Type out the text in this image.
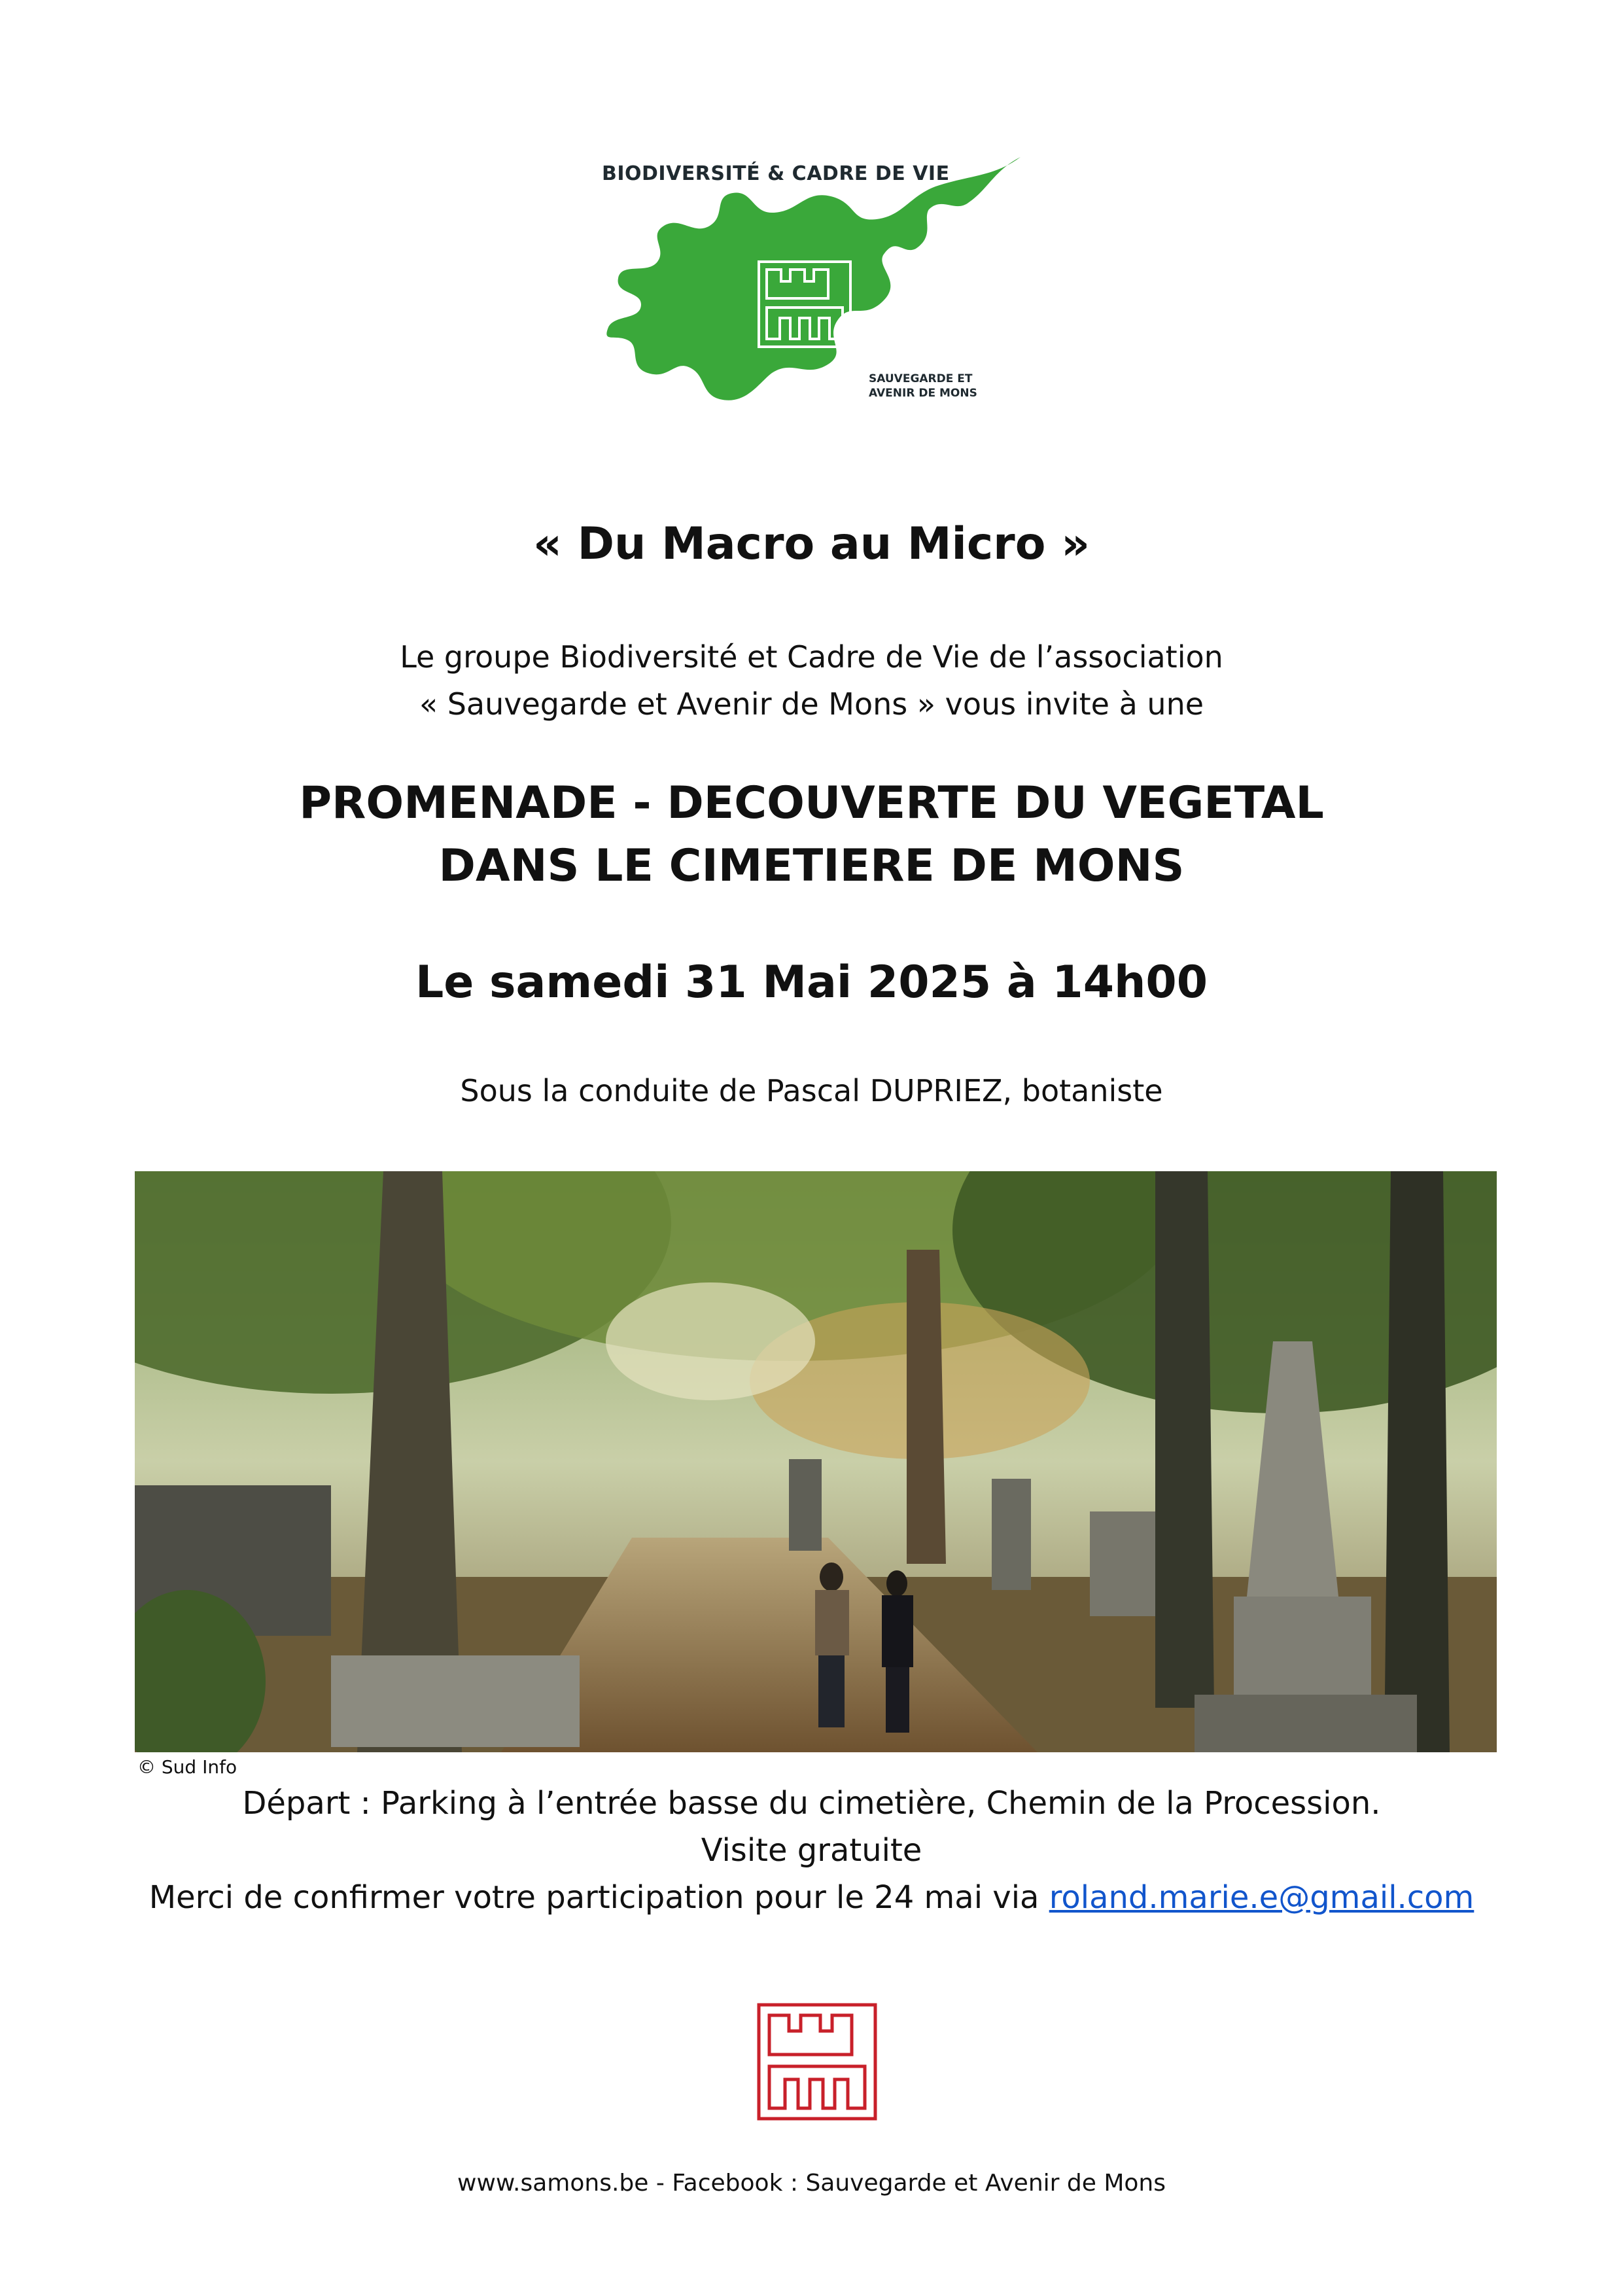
BIODIVERSITÉ & CADRE DE VIE
SAUVEGARDE ET
AVENIR DE MONS
« Du Macro au Micro »
Le groupe Biodiversité et Cadre de Vie de l’association
« Sauvegarde et Avenir de Mons » vous invite à une
PROMENADE - DECOUVERTE DU VEGETAL
DANS LE CIMETIERE DE MONS
Le samedi 31 Mai 2025 à 14h00
Sous la conduite de Pascal DUPRIEZ, botaniste
© Sud Info
Départ : Parking à l’entrée basse du cimetière, Chemin de la Procession.
Visite gratuite
Merci de confirmer votre participation pour le 24 mai via roland.marie.e@gmail.com
www.samons.be - Facebook : Sauvegarde et Avenir de Mons
